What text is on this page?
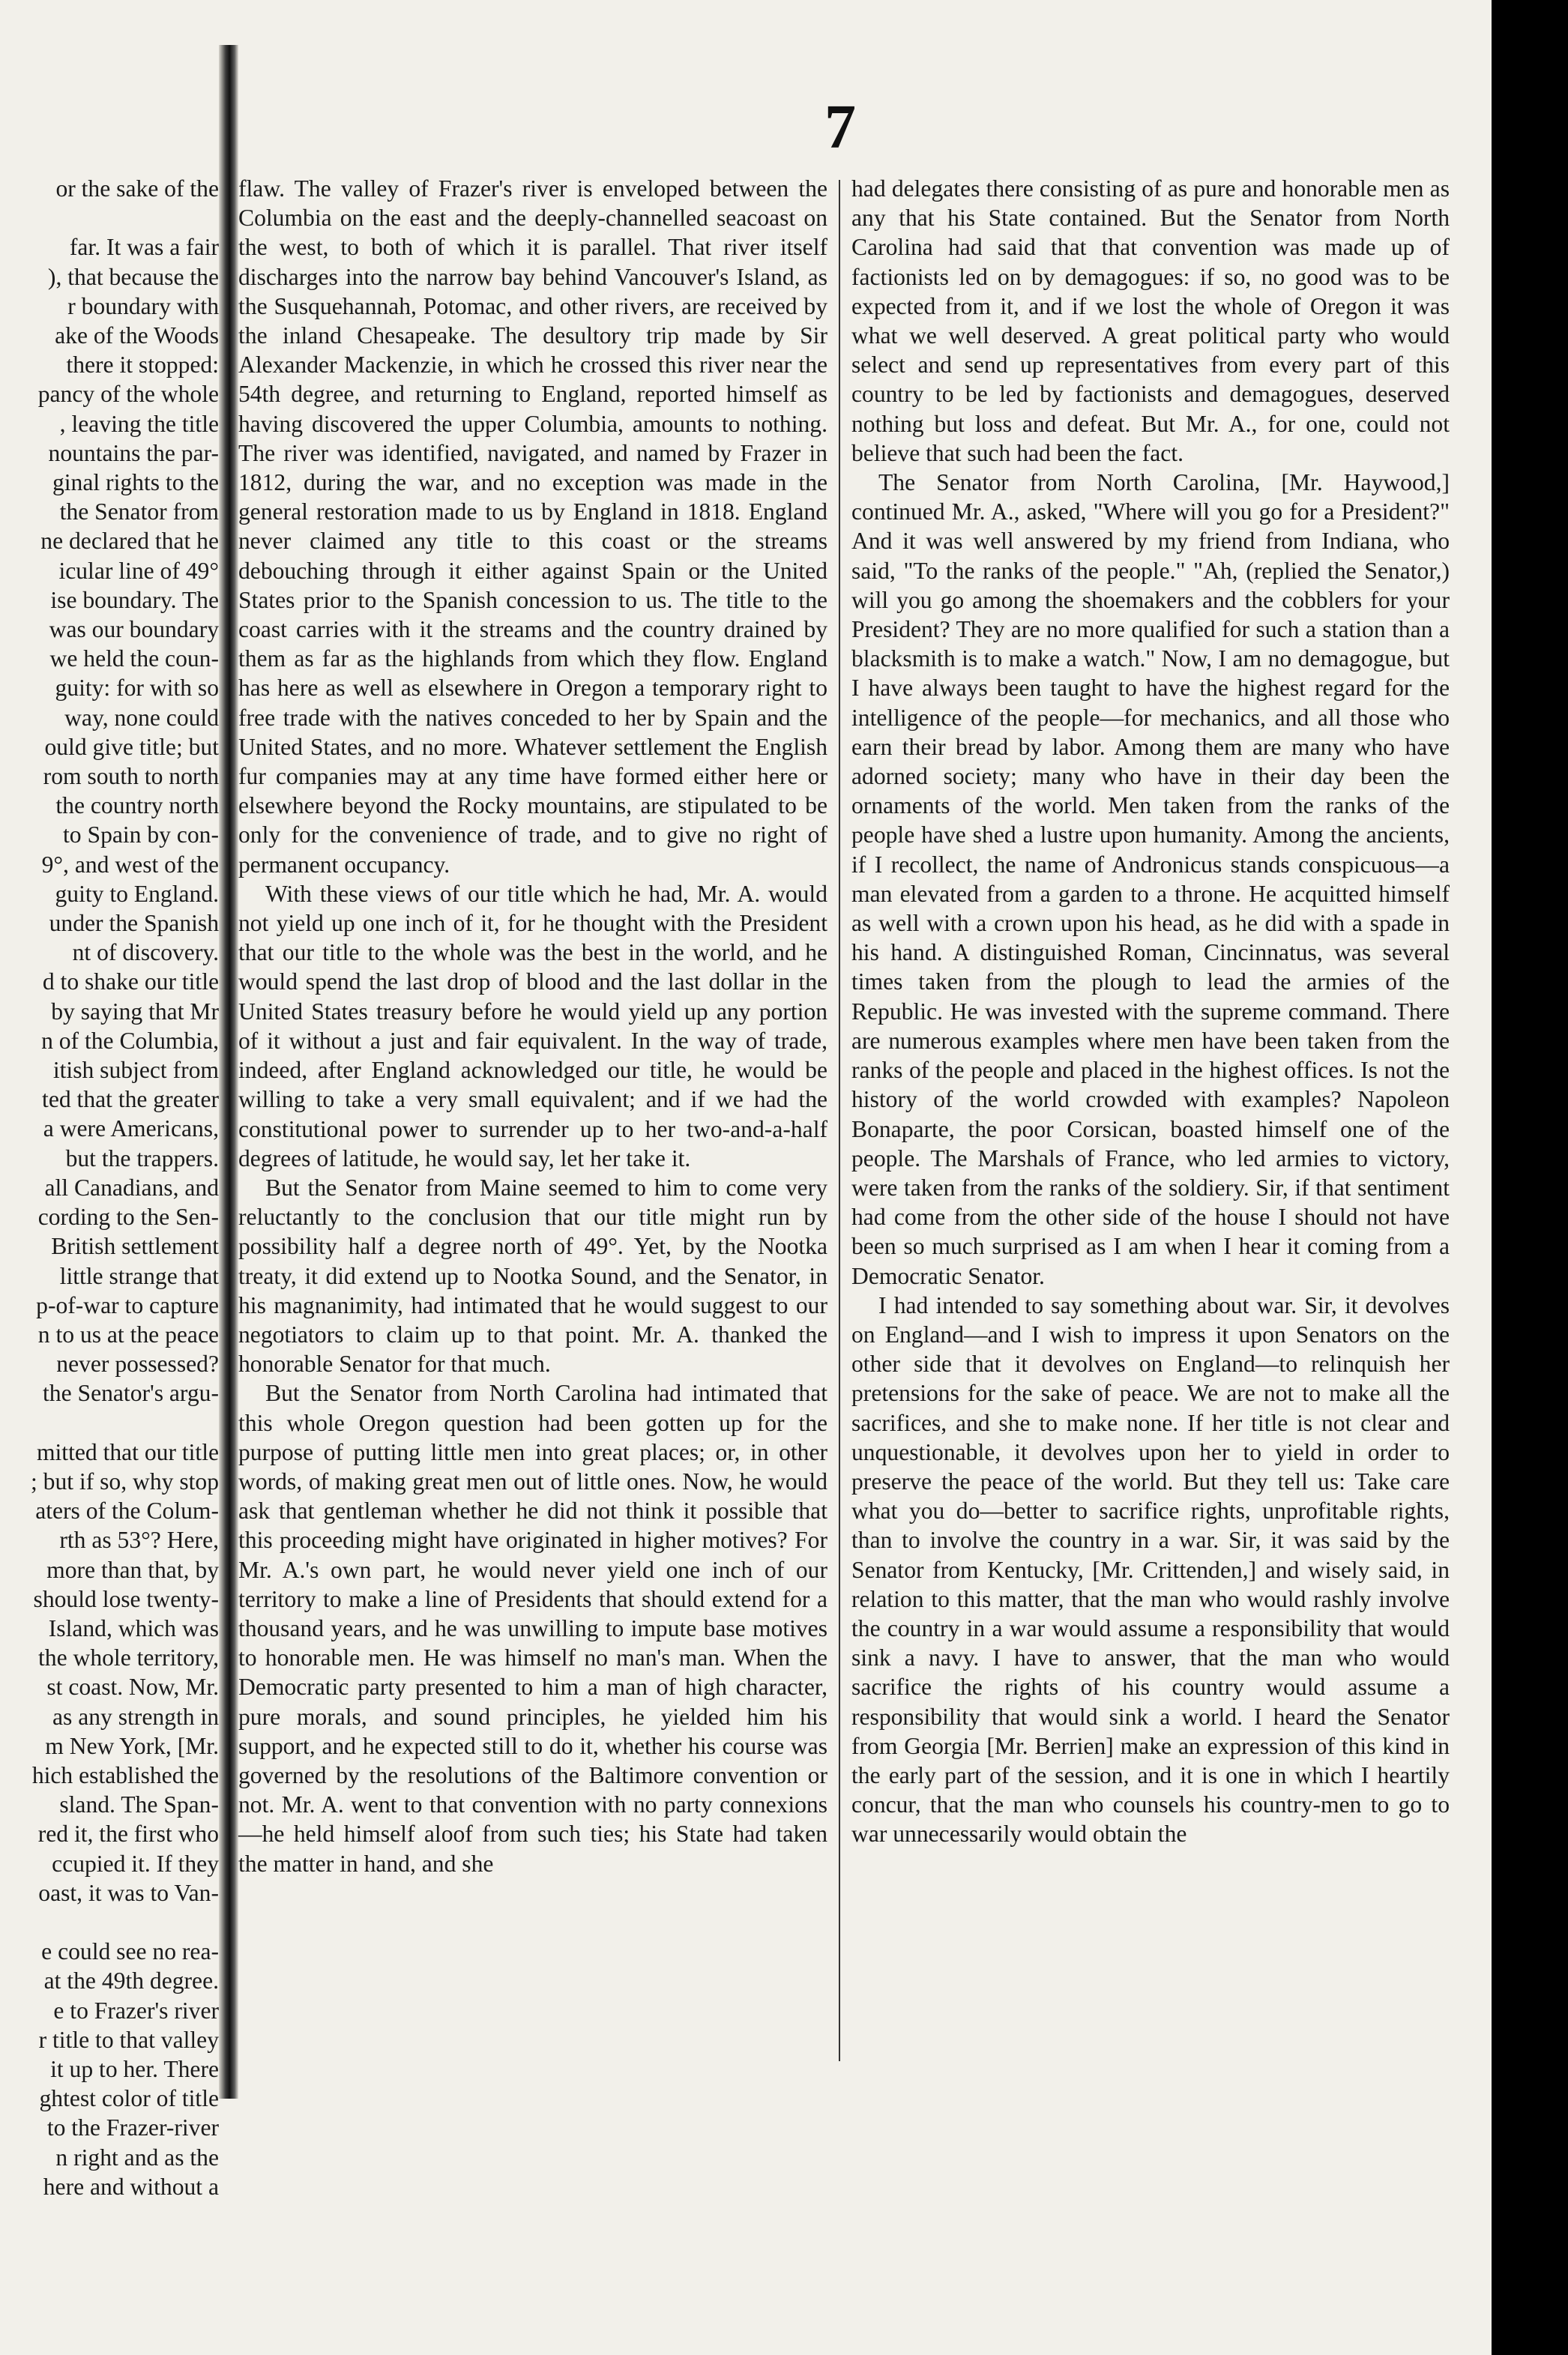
7
or the sake of the
far. It was a fair
), that because the
r boundary with
ake of the Woods
there it stopped:
pancy of the whole
, leaving the title
nountains the par-
ginal rights to the
the Senator from
ne declared that he
icular line of 49°
ise boundary. The
was our boundary
we held the coun-
guity: for with so
way, none could
ould give title; but
rom south to north
the country north
to Spain by con-
9°, and west of the
guity to England.
under the Spanish
nt of discovery.
d to shake our title
by saying that Mr
n of the Columbia,
itish subject from
ted that the greater
a were Americans,
but the trappers.
all Canadians, and
cording to the Sen-
British settlement
little strange that
p-of-war to capture
n to us at the peace
never possessed?
the Senator's argu-
mitted that our title
; but if so, why stop
aters of the Colum-
rth as 53°? Here,
more than that, by
should lose twenty-
Island, which was
the whole territory,
st coast. Now, Mr.
as any strength in
m New York, [Mr.
hich established the
sland. The Span-
red it, the first who
ccupied it. If they
oast, it was to Van-
e could see no rea-
at the 49th degree.
e to Frazer's river
r title to that valley
it up to her. There
ghtest color of title
to the Frazer-river
n right and as the
here and without a

flaw. The valley of Frazer's river is enveloped between the Columbia on the east and the deeply-channelled seacoast on the west, to both of which it is parallel. That river itself discharges into the narrow bay behind Vancouver's Island, as the Susquehannah, Potomac, and other rivers, are received by the inland Chesapeake. The desultory trip made by Sir Alexander Mackenzie, in which he crossed this river near the 54th degree, and returning to England, reported himself as having discovered the upper Columbia, amounts to nothing. The river was identified, navigated, and named by Frazer in 1812, during the war, and no exception was made in the general restoration made to us by England in 1818. England never claimed any title to this coast or the streams debouching through it either against Spain or the United States prior to the Spanish concession to us. The title to the coast carries with it the streams and the country drained by them as far as the highlands from which they flow. England has here as well as elsewhere in Oregon a temporary right to free trade with the natives conceded to her by Spain and the United States, and no more. Whatever settlement the English fur companies may at any time have formed either here or elsewhere beyond the Rocky mountains, are stipulated to be only for the convenience of trade, and to give no right of permanent occupancy.

With these views of our title which he had, Mr. A. would not yield up one inch of it, for he thought with the President that our title to the whole was the best in the world, and he would spend the last drop of blood and the last dollar in the United States treasury before he would yield up any portion of it without a just and fair equivalent. In the way of trade, indeed, after England acknowledged our title, he would be willing to take a very small equivalent; and if we had the constitutional power to surrender up to her two-and-a-half degrees of latitude, he would say, let her take it.

But the Senator from Maine seemed to him to come very reluctantly to the conclusion that our title might run by possibility half a degree north of 49°. Yet, by the Nootka treaty, it did extend up to Nootka Sound, and the Senator, in his magnanimity, had intimated that he would suggest to our negotiators to claim up to that point. Mr. A. thanked the honorable Senator for that much.

But the Senator from North Carolina had intimated that this whole Oregon question had been gotten up for the purpose of putting little men into great places; or, in other words, of making great men out of little ones. Now, he would ask that gentleman whether he did not think it possible that this proceeding might have originated in higher motives? For Mr. A.'s own part, he would never yield one inch of our territory to make a line of Presidents that should extend for a thousand years, and he was unwilling to impute base motives to honorable men. He was himself no man's man. When the Democratic party presented to him a man of high character, pure morals, and sound principles, he yielded him his support, and he expected still to do it, whether his course was governed by the resolutions of the Baltimore convention or not. Mr. A. went to that convention with no party connexions—he held himself aloof from such ties; his State had taken the matter in hand, and she

had delegates there consisting of as pure and honorable men as any that his State contained. But the Senator from North Carolina had said that that convention was made up of factionists led on by demagogues: if so, no good was to be expected from it, and if we lost the whole of Oregon it was what we well deserved. A great political party who would select and send up representatives from every part of this country to be led by factionists and demagogues, deserved nothing but loss and defeat. But Mr. A., for one, could not believe that such had been the fact.

The Senator from North Carolina, [Mr. Haywood,] continued Mr. A., asked, "Where will you go for a President?" And it was well answered by my friend from Indiana, who said, "To the ranks of the people." "Ah, (replied the Senator,) will you go among the shoemakers and the cobblers for your President? They are no more qualified for such a station than a blacksmith is to make a watch." Now, I am no demagogue, but I have always been taught to have the highest regard for the intelligence of the people—for mechanics, and all those who earn their bread by labor. Among them are many who have adorned society; many who have in their day been the ornaments of the world. Men taken from the ranks of the people have shed a lustre upon humanity. Among the ancients, if I recollect, the name of Andronicus stands conspicuous—a man elevated from a garden to a throne. He acquitted himself as well with a crown upon his head, as he did with a spade in his hand. A distinguished Roman, Cincinnatus, was several times taken from the plough to lead the armies of the Republic. He was invested with the supreme command. There are numerous examples where men have been taken from the ranks of the people and placed in the highest offices. Is not the history of the world crowded with examples? Napoleon Bonaparte, the poor Corsican, boasted himself one of the people. The Marshals of France, who led armies to victory, were taken from the ranks of the soldiery. Sir, if that sentiment had come from the other side of the house I should not have been so much surprised as I am when I hear it coming from a Democratic Senator.

I had intended to say something about war. Sir, it devolves on England—and I wish to impress it upon Senators on the other side that it devolves on England—to relinquish her pretensions for the sake of peace. We are not to make all the sacrifices, and she to make none. If her title is not clear and unquestionable, it devolves upon her to yield in order to preserve the peace of the world. But they tell us: Take care what you do—better to sacrifice rights, unprofitable rights, than to involve the country in a war. Sir, it was said by the Senator from Kentucky, [Mr. Crittenden,] and wisely said, in relation to this matter, that the man who would rashly involve the country in a war would assume a responsibility that would sink a navy. I have to answer, that the man who would sacrifice the rights of his country would assume a responsibility that would sink a world. I heard the Senator from Georgia [Mr. Berrien] make an expression of this kind in the early part of the session, and it is one in which I heartily concur, that the man who counsels his country-men to go to war unnecessarily would obtain the
